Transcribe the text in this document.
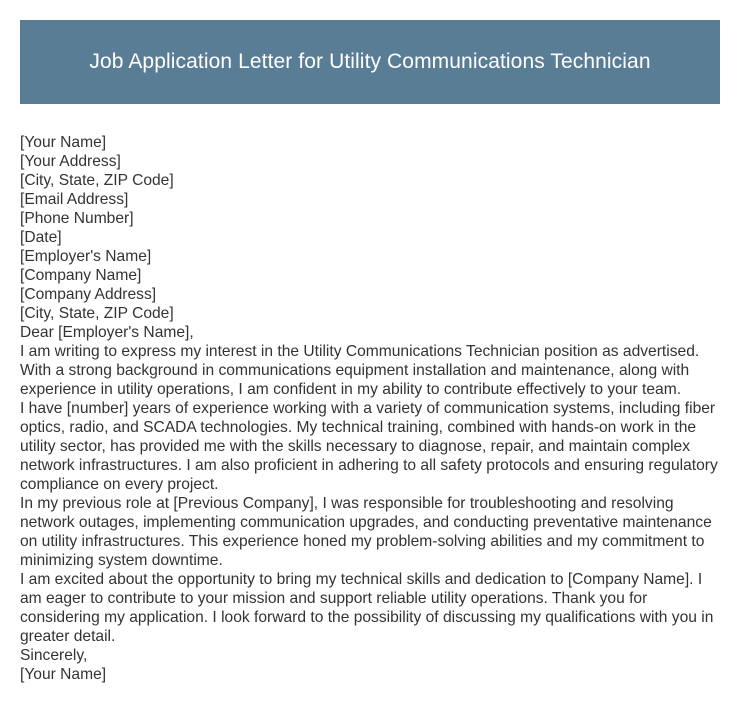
Job Application Letter for Utility Communications Technician
[Your Name]
[Your Address]
[City, State, ZIP Code]
[Email Address]
[Phone Number]
[Date]
[Employer's Name]
[Company Name]
[Company Address]
[City, State, ZIP Code]
Dear [Employer's Name],
I am writing to express my interest in the Utility Communications Technician position as advertised. With a strong background in communications equipment installation and maintenance, along with experience in utility operations, I am confident in my ability to contribute effectively to your team.
I have [number] years of experience working with a variety of communication systems, including fiber optics, radio, and SCADA technologies. My technical training, combined with hands-on work in the utility sector, has provided me with the skills necessary to diagnose, repair, and maintain complex network infrastructures. I am also proficient in adhering to all safety protocols and ensuring regulatory compliance on every project.
In my previous role at [Previous Company], I was responsible for troubleshooting and resolving network outages, implementing communication upgrades, and conducting preventative maintenance on utility infrastructures. This experience honed my problem-solving abilities and my commitment to minimizing system downtime.
I am excited about the opportunity to bring my technical skills and dedication to [Company Name]. I am eager to contribute to your mission and support reliable utility operations. Thank you for considering my application. I look forward to the possibility of discussing my qualifications with you in greater detail.
Sincerely,
[Your Name]
